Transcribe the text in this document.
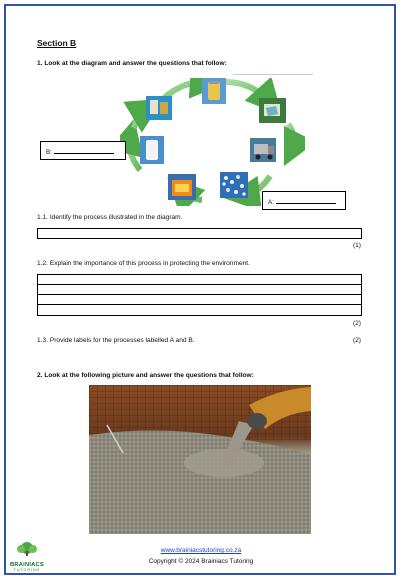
Section B
1. Look at the diagram and answer the questions that follow:
B:
A:
1.1. Identify the process illustrated in the diagram.
(1)
1.2. Explain the importance of this process in protecting the environment.
(2)
1.3. Provide labels for the processes labelled A and B.	(2)
2. Look at the following picture and answer the questions that follow:
www.brainiacstutoring.co.za
Copyright © 2024 Brainiacs Tutoring
BRAINIACS
TUTORING
